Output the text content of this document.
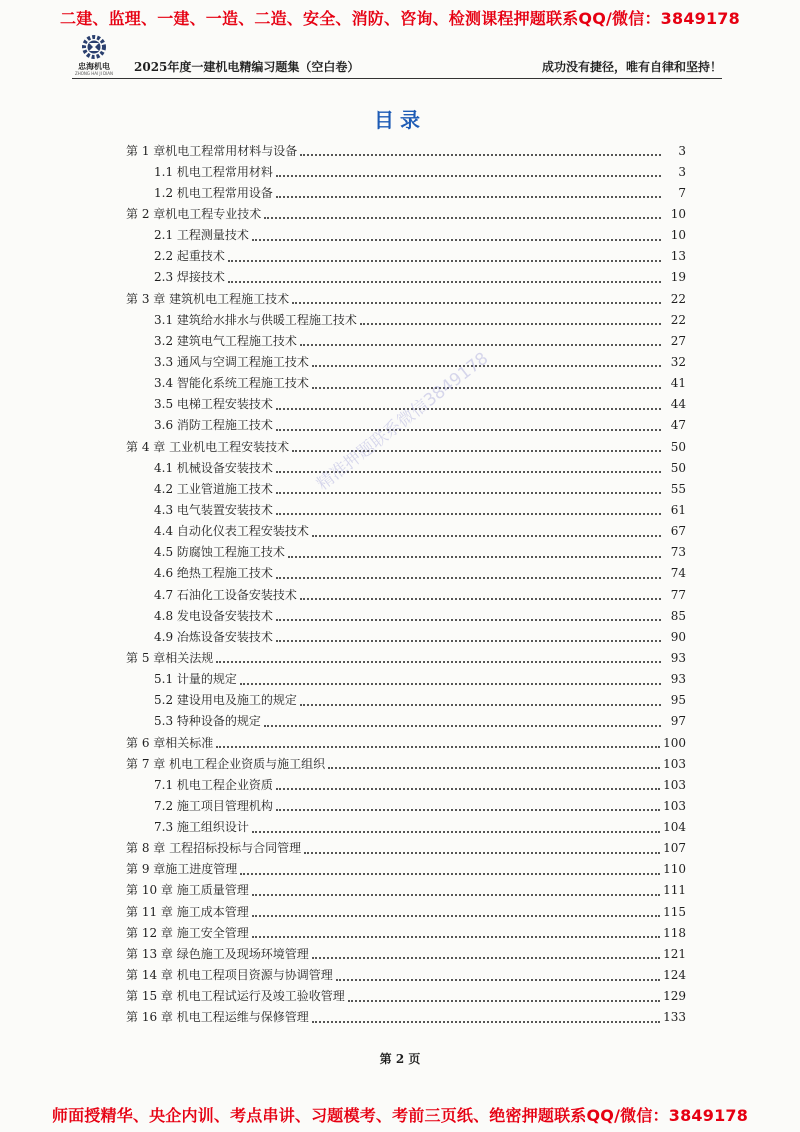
二建、监理、一建、一造、二造、安全、消防、咨询、检测课程押题联系QQ/微信：3849178
忠海机电
ZHONG HAI JI DIAN 2025年度一建机电精编习题集（空白卷）	成功没有捷径，唯有自律和坚持！
目录
第 1 章机电工程常用材料与设备	3
1.1 机电工程常用材料	3
1.2 机电工程常用设备	7
第 2 章机电工程专业技术	10
2.1 工程测量技术	10
2.2 起重技术	13
2.3 焊接技术	19
第 3 章 建筑机电工程施工技术	22
3.1 建筑给水排水与供暖工程施工技术	22
3.2 建筑电气工程施工技术	27
3.3 通风与空调工程施工技术	32
3.4 智能化系统工程施工技术	41
3.5 电梯工程安装技术	44
3.6 消防工程施工技术	47
第 4 章 工业机电工程安装技术	50
4.1 机械设备安装技术	50
4.2 工业管道施工技术	55
4.3 电气装置安装技术	61
4.4 自动化仪表工程安装技术	67
4.5 防腐蚀工程施工技术	73
4.6 绝热工程施工技术	74
4.7 石油化工设备安装技术	77
4.8 发电设备安装技术	85
4.9 冶炼设备安装技术	90
第 5 章相关法规	93
5.1 计量的规定	93
5.2 建设用电及施工的规定	95
5.3 特种设备的规定	97
第 6 章相关标准	100
第 7 章 机电工程企业资质与施工组织	103
7.1 机电工程企业资质	103
7.2 施工项目管理机构	103
7.3 施工组织设计	104
第 8 章 工程招标投标与合同管理	107
第 9 章施工进度管理	110
第 10 章 施工质量管理	111
第 11 章 施工成本管理	115
第 12 章 施工安全管理	118
第 13 章 绿色施工及现场环境管理	121
第 14 章 机电工程项目资源与协调管理	124
第 15 章 机电工程试运行及竣工验收管理	129
第 16 章 机电工程运维与保修管理	133
精准押题联系微信3849178
第 2 页
师面授精华、央企内训、考点串讲、习题模考、考前三页纸、绝密押题联系QQ/微信：3849178
